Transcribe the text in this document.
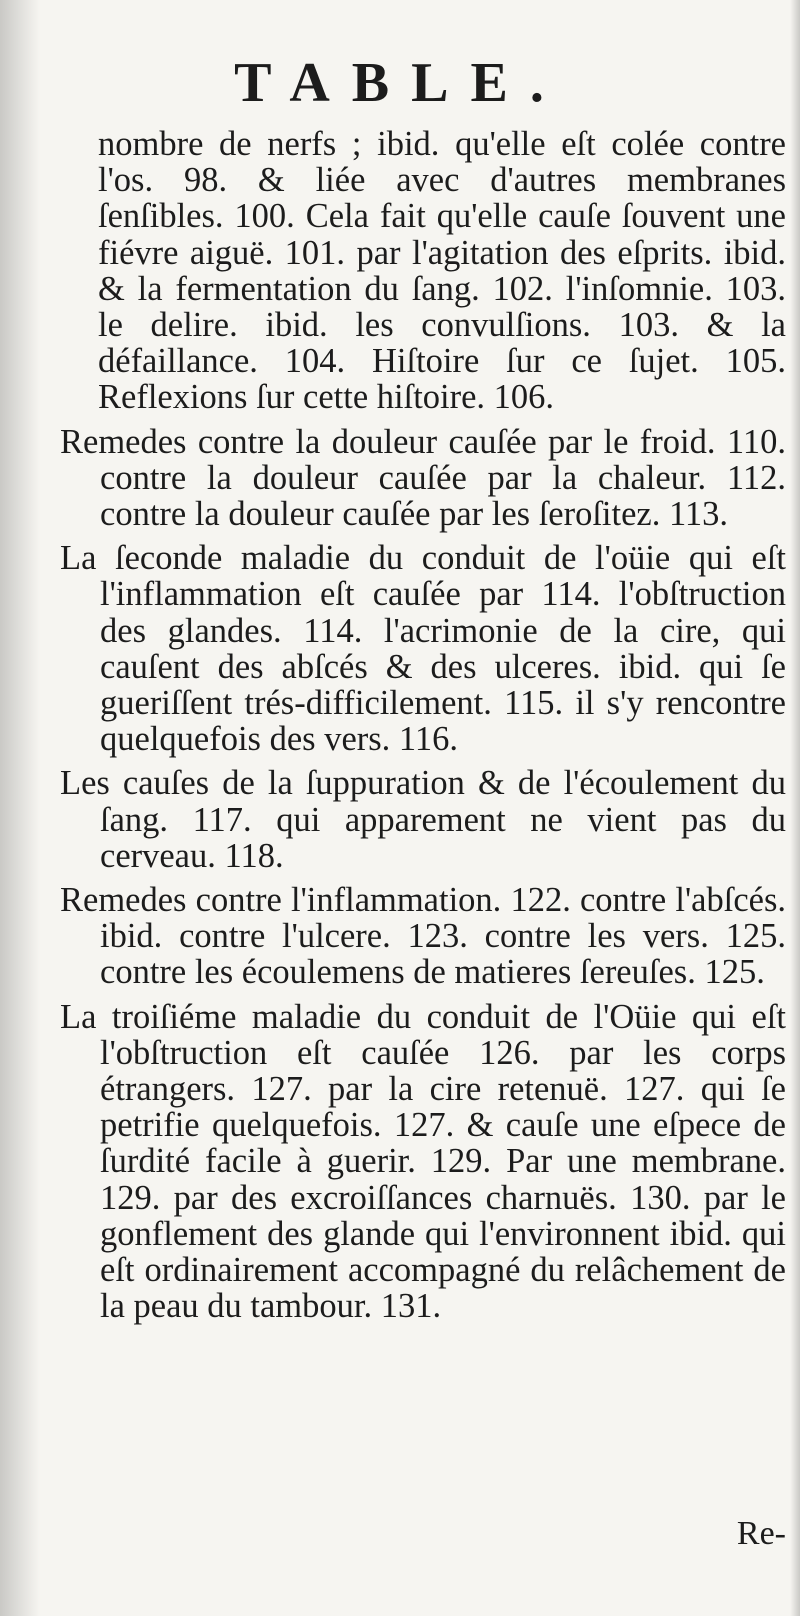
TABLE.

nombre de nerfs ; ibid. qu'elle eſt colée contre l'os. 98. & liée avec d'autres membranes ſenſibles. 100. Cela fait qu'elle cauſe ſouvent une fiévre aiguë. 101. par l'agitation des eſprits. ibid. & la fermentation du ſang. 102. l'inſomnie. 103. le delire. ibid. les convulſions. 103. & la défaillance. 104. Hiſtoire ſur ce ſujet. 105. Reflexions ſur cette hiſtoire. 106.

Remedes contre la douleur cauſée par le froid. 110. contre la douleur cauſée par la chaleur. 112. contre la douleur cauſée par les ſeroſitez. 113.

La ſeconde maladie du conduit de l'oüie qui eſt l'inflammation eſt cauſée par 114. l'obſtruction des glandes. 114. l'acrimonie de la cire, qui cauſent des abſcés & des ulceres. ibid. qui ſe gueriſſent trés-difficilement. 115. il s'y rencontre quelquefois des vers. 116.

Les cauſes de la ſuppuration & de l'écoulement du ſang. 117. qui apparement ne vient pas du cerveau. 118.

Remedes contre l'inflammation. 122. contre l'abſcés. ibid. contre l'ulcere. 123. contre les vers. 125. contre les écoulemens de matieres ſereuſes. 125.

La troiſiéme maladie du conduit de l'Oüie qui eſt l'obſtruction eſt cauſée 126. par les corps étrangers. 127. par la cire retenuë. 127. qui ſe petrifie quelquefois. 127. & cauſe une eſpece de ſurdité facile à guerir. 129. Par une membrane. 129. par des excroiſſances charnuës. 130. par le gonflement des glande qui l'environnent ibid. qui eſt ordinairement accompagné du relâchement de la peau du tambour. 131.

Re-
